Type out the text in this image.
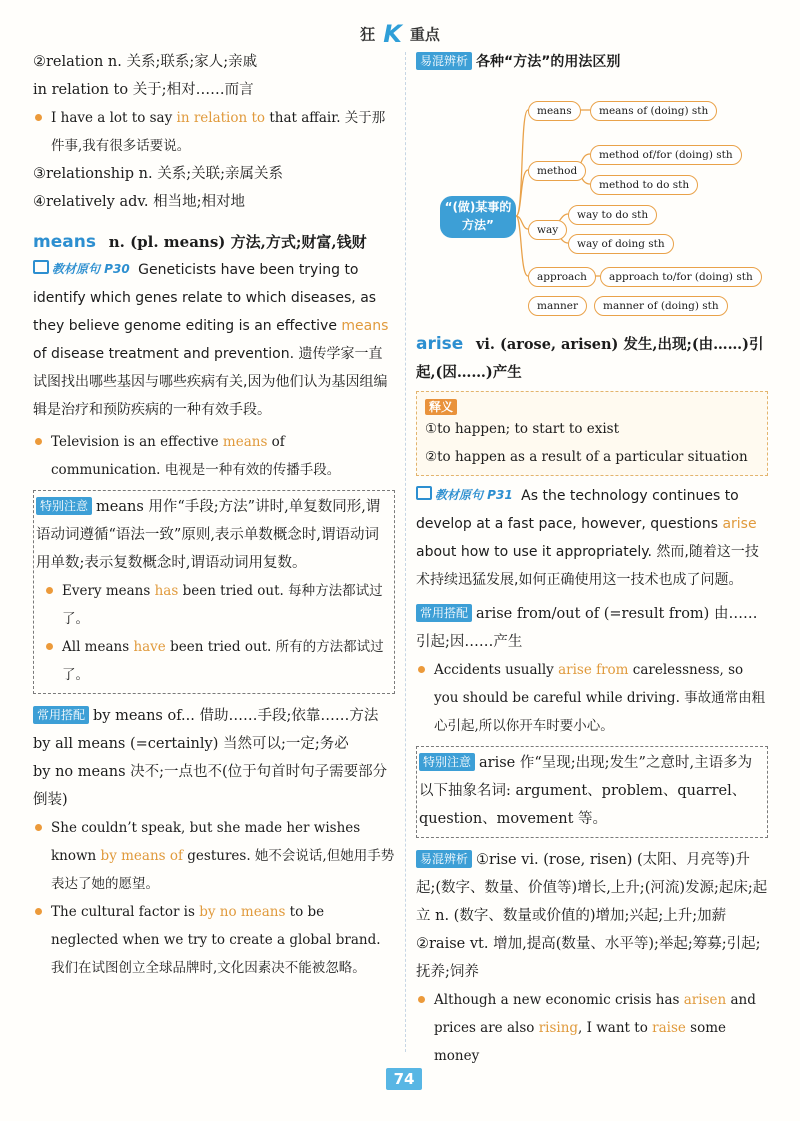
狂 K 重点

②relation n. 关系;联系;家人;亲戚

in relation to 关于;相对……而言

I have a lot to say in relation to that affair. 关于那件事,我有很多话要说。

③relationship n. 关系;关联;亲属关系

④relatively adv. 相当地;相对地

means n. (pl. means) 方法,方式;财富,钱财

教材原句 P30 Geneticists have been trying to identify which genes relate to which diseases, as they believe genome editing is an effective means of disease treatment and prevention. 遗传学家一直试图找出哪些基因与哪些疾病有关,因为他们认为基因组编辑是治疗和预防疾病的一种有效手段。

Television is an effective means of communication. 电视是一种有效的传播手段。

特别注意 means 用作“手段;方法”讲时,单复数同形,谓语动词遵循“语法一致”原则,表示单数概念时,谓语动词用单数;表示复数概念时,谓语动词用复数。

Every means has been tried out. 每种方法都试过了。

All means have been tried out. 所有的方法都试过了。

常用搭配 by means of... 借助……手段;依靠……方法

by all means (=certainly) 当然可以;一定;务必

by no means 决不;一点也不(位于句首时句子需要部分倒装)

She couldn’t speak, but she made her wishes known by means of gestures. 她不会说话,但她用手势表达了她的愿望。

The cultural factor is by no means to be neglected when we try to create a global brand. 我们在试图创立全球品牌时,文化因素决不能被忽略。

易混辨析 各种“方法”的用法区别

“(做)某事的方法”
means	means of (doing) sth
method
method of/for (doing) sth
method to do sth
way
way to do sth
way of doing sth
approach	approach to/for (doing) sth
manner	manner of (doing) sth

arise vi. (arose, arisen) 发生,出现;(由……)引起,(因……)产生

释义

①to happen; to start to exist

②to happen as a result of a particular situation

教材原句 P31 As the technology continues to develop at a fast pace, however, questions arise about how to use it appropriately. 然而,随着这一技术持续迅猛发展,如何正确使用这一技术也成了问题。

常用搭配 arise from/out of (=result from) 由……引起;因……产生

Accidents usually arise from carelessness, so you should be careful while driving. 事故通常由粗心引起,所以你开车时要小心。

特别注意 arise 作“呈现;出现;发生”之意时,主语多为以下抽象名词: argument、problem、quarrel、question、movement 等。

易混辨析 ①rise vi. (rose, risen) (太阳、月亮等)升起;(数字、数量、价值等)增长,上升;(河流)发源;起床;起立 n. (数字、数量或价值的)增加;兴起;上升;加薪

②raise vt. 增加,提高(数量、水平等);举起;筹募;引起;抚养;饲养

Although a new economic crisis has arisen and prices are also rising, I want to raise some money

74
